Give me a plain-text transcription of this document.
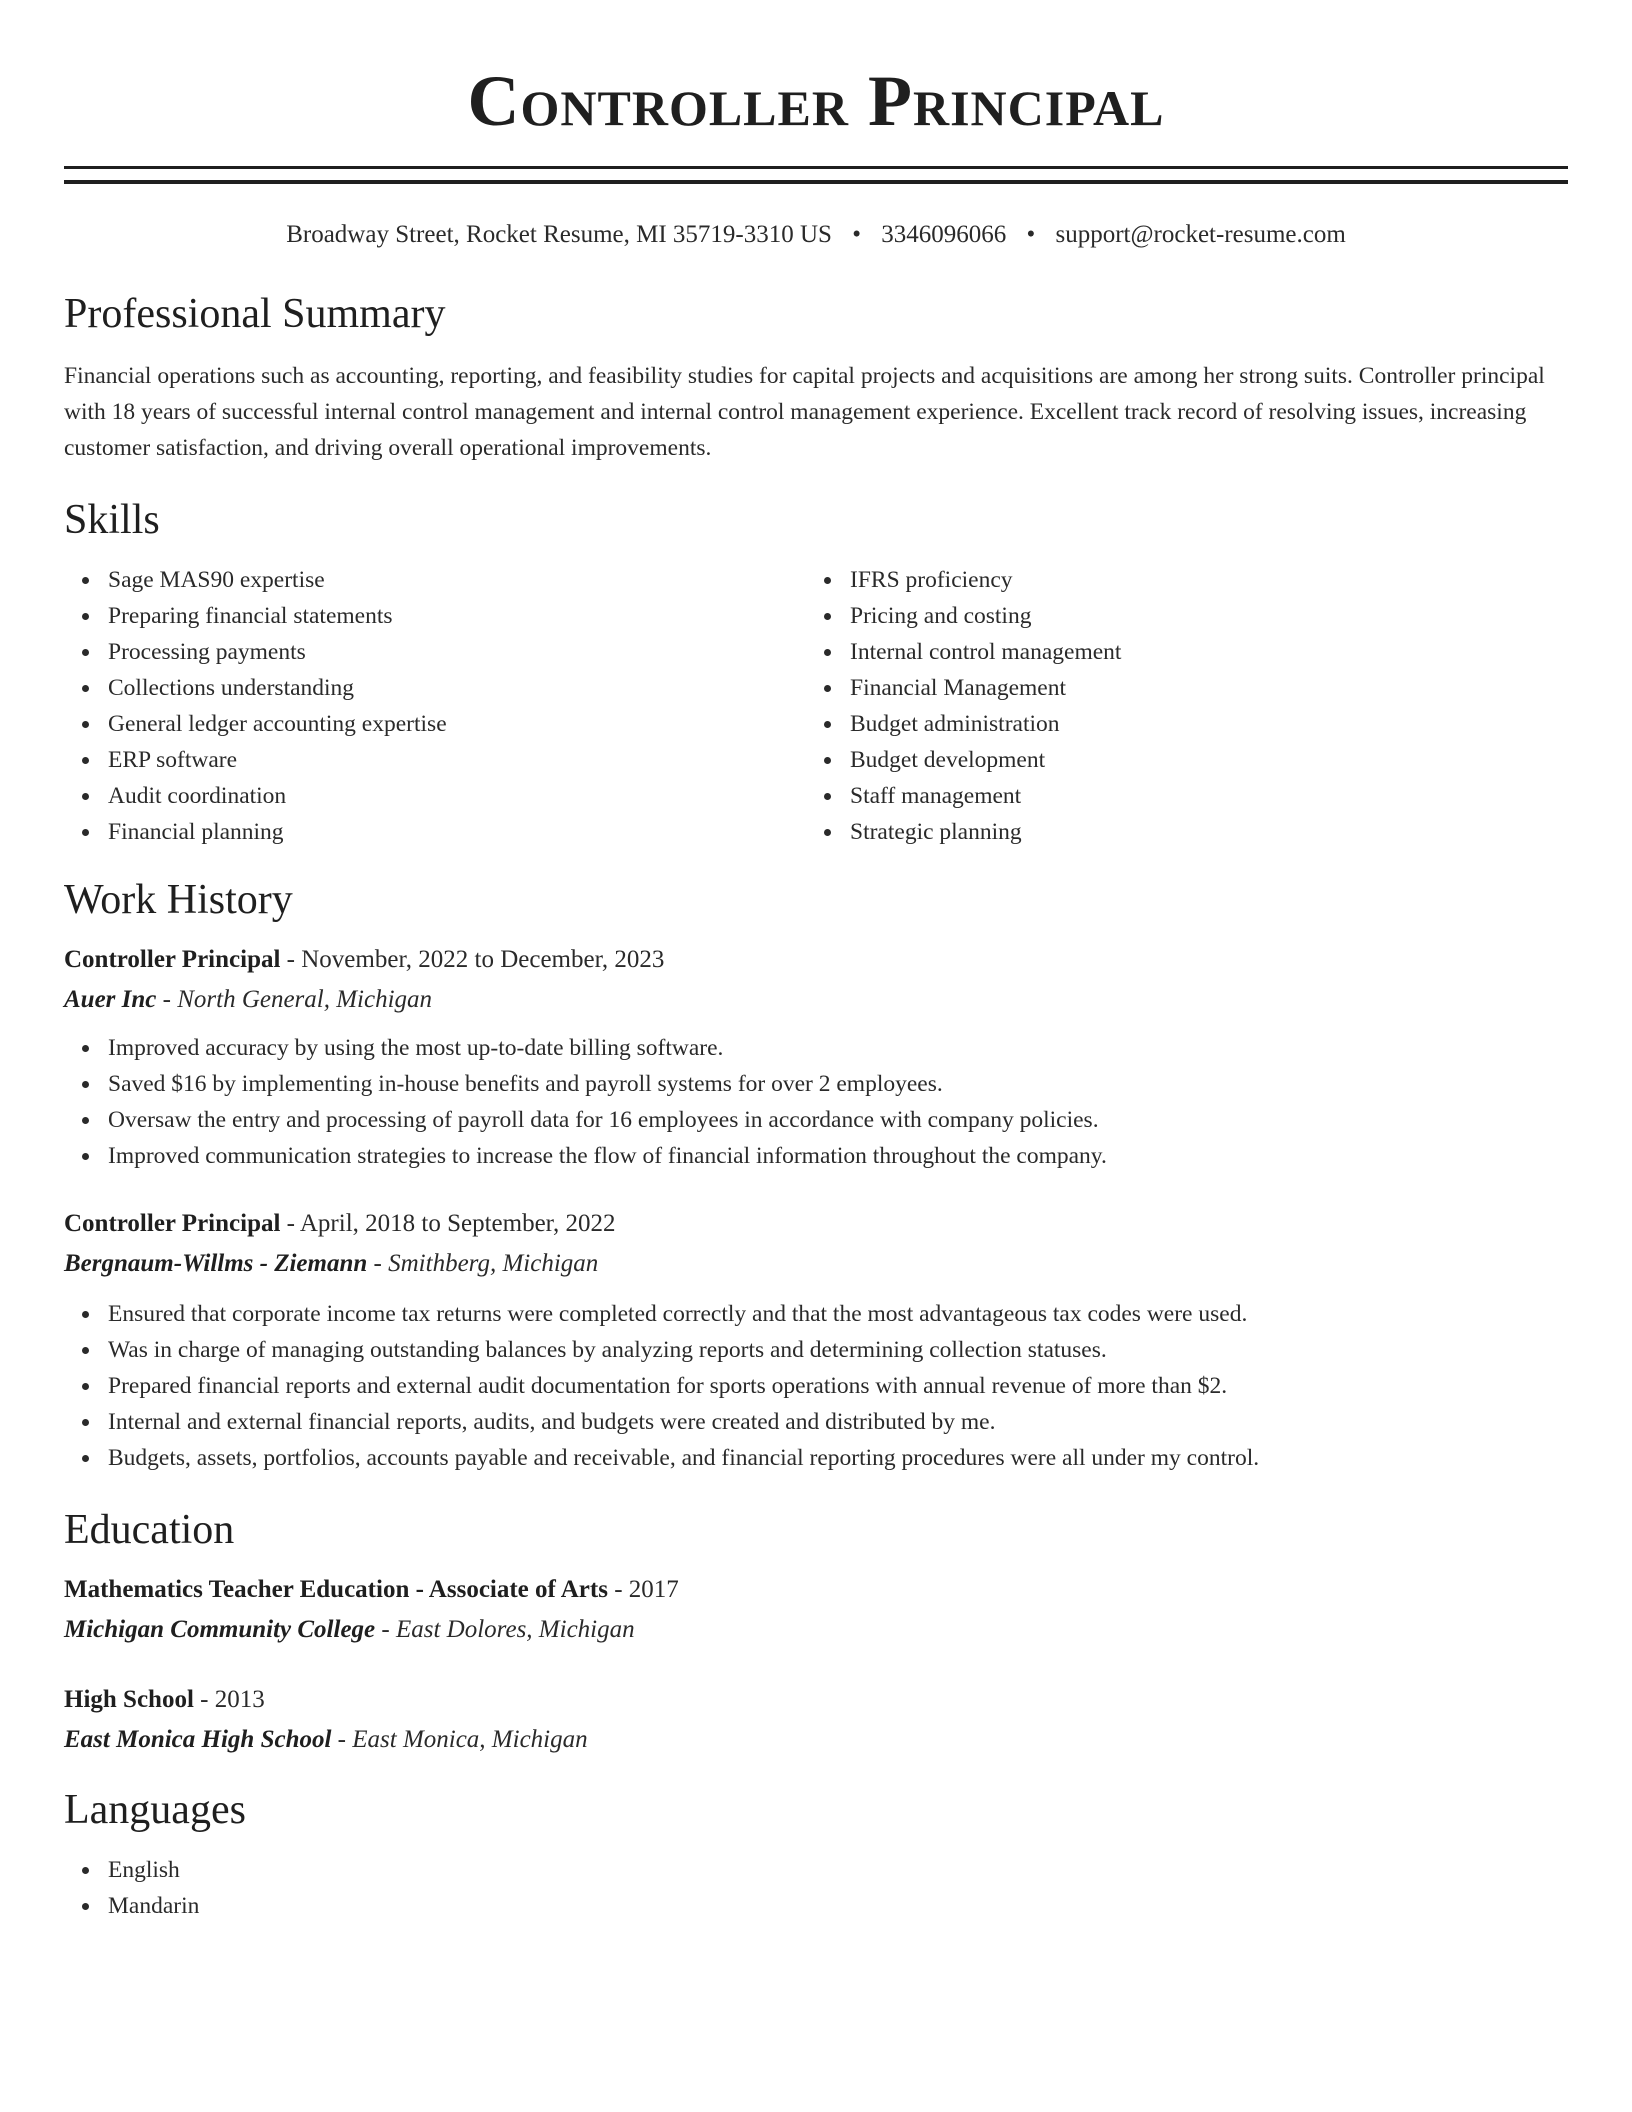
Controller Principal
Broadway Street, Rocket Resume, MI 35719-3310 US • 3346096066 • support@rocket-resume.com
Professional Summary

Financial operations such as accounting, reporting, and feasibility studies for capital projects and acquisitions are among her strong suits. Controller principal with 18 years of successful internal control management and internal control management experience. Excellent track record of resolving issues, increasing customer satisfaction, and driving overall operational improvements.

Skills
Sage MAS90 expertise
Preparing financial statements
Processing payments
Collections understanding
General ledger accounting expertise
ERP software
Audit coordination
Financial planning
IFRS proficiency
Pricing and costing
Internal control management
Financial Management
Budget administration
Budget development
Staff management
Strategic planning
Work History
Controller Principal - November, 2022 to December, 2023
Auer Inc - North General, Michigan
Improved accuracy by using the most up-to-date billing software.
Saved $16 by implementing in-house benefits and payroll systems for over 2 employees.
Oversaw the entry and processing of payroll data for 16 employees in accordance with company policies.
Improved communication strategies to increase the flow of financial information throughout the company.
Controller Principal - April, 2018 to September, 2022
Bergnaum-Willms - Ziemann - Smithberg, Michigan
Ensured that corporate income tax returns were completed correctly and that the most advantageous tax codes were used.
Was in charge of managing outstanding balances by analyzing reports and determining collection statuses.
Prepared financial reports and external audit documentation for sports operations with annual revenue of more than $2.
Internal and external financial reports, audits, and budgets were created and distributed by me.
Budgets, assets, portfolios, accounts payable and receivable, and financial reporting procedures were all under my control.
Education
Mathematics Teacher Education - Associate of Arts - 2017
Michigan Community College - East Dolores, Michigan
High School - 2013
East Monica High School - East Monica, Michigan
Languages
English
Mandarin
